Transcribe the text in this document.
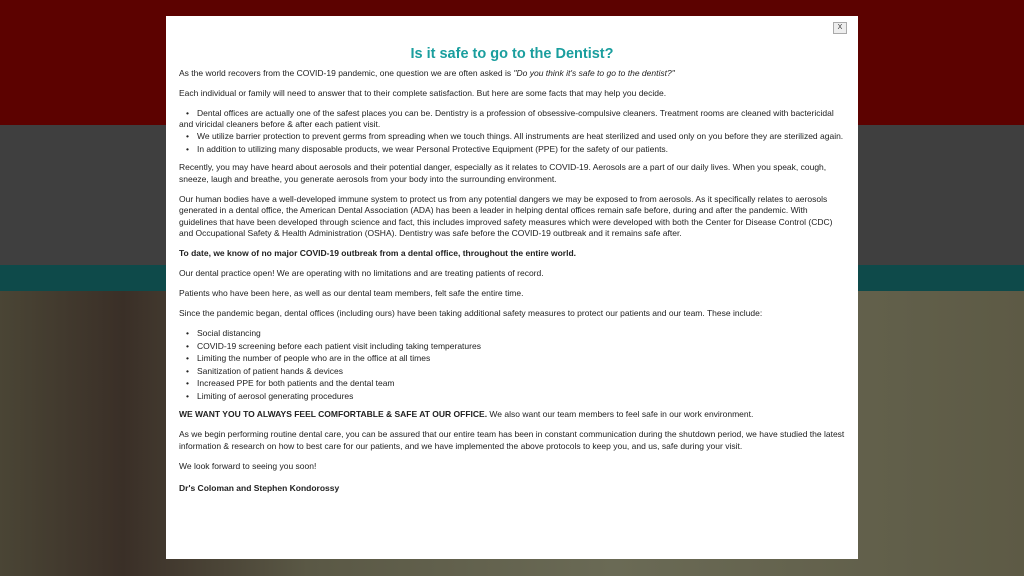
X
Is it safe to go to the Dentist?

As the world recovers from the COVID-19 pandemic, one question we are often asked is "Do you think it's safe to go to the dentist?"

Each individual or family will need to answer that to their complete satisfaction. But here are some facts that may help you decide.

• Dental offices are actually one of the safest places you can be. Dentistry is a profession of obsessive-compulsive cleaners. Treatment rooms are cleaned with bactericidal and viricidal cleaners before & after each patient visit.
• We utilize barrier protection to prevent germs from spreading when we touch things. All instruments are heat sterilized and used only on you before they are sterilized again.
• In addition to utilizing many disposable products, we wear Personal Protective Equipment (PPE) for the safety of our patients.

Recently, you may have heard about aerosols and their potential danger, especially as it relates to COVID-19. Aerosols are a part of our daily lives. When you speak, cough, sneeze, laugh and breathe, you generate aerosols from your body into the surrounding environment.

Our human bodies have a well-developed immune system to protect us from any potential dangers we may be exposed to from aerosols. As it specifically relates to aerosols generated in a dental office, the American Dental Association (ADA) has been a leader in helping dental offices remain safe before, during and after the pandemic. With guidelines that have been developed through science and fact, this includes improved safety measures which were developed with both the Center for Disease Control (CDC) and Occupational Safety & Health Administration (OSHA). Dentistry was safe before the COVID-19 outbreak and it remains safe after.

To date, we know of no major COVID-19 outbreak from a dental office, throughout the entire world.

Our dental practice open! We are operating with no limitations and are treating patients of record.

Patients who have been here, as well as our dental team members, felt safe the entire time.

Since the pandemic began, dental offices (including ours) have been taking additional safety measures to protect our patients and our team. These include:

• Social distancing
• COVID-19 screening before each patient visit including taking temperatures
• Limiting the number of people who are in the office at all times
• Sanitization of patient hands & devices
• Increased PPE for both patients and the dental team
• Limiting of aerosol generating procedures

WE WANT YOU TO ALWAYS FEEL COMFORTABLE & SAFE AT OUR OFFICE. We also want our team members to feel safe in our work environment.

As we begin performing routine dental care, you can be assured that our entire team has been in constant communication during the shutdown period, we have studied the latest information & research on how to best care for our patients, and we have implemented the above protocols to keep you, and us, safe during your visit.

We look forward to seeing you soon!

Dr's Coloman and Stephen Kondorossy
